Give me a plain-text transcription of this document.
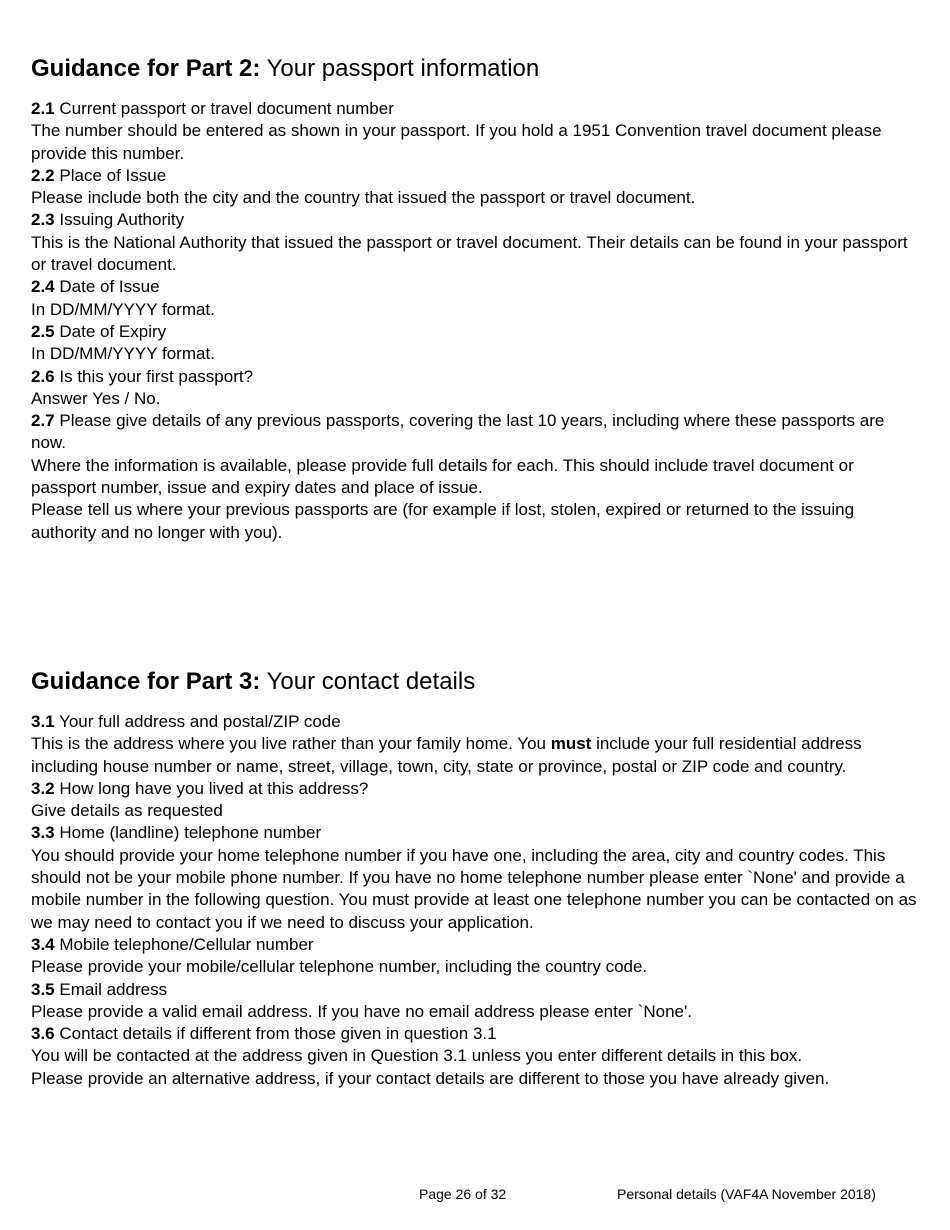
Guidance for Part 2: Your passport information
2.1 Current passport or travel document number
The number should be entered as shown in your passport. If you hold a 1951 Convention travel document please provide this number.
2.2 Place of Issue
Please include both the city and the country that issued the passport or travel document.
2.3 Issuing Authority
This is the National Authority that issued the passport or travel document. Their details can be found in your passport or travel document.
2.4 Date of Issue
In DD/MM/YYYY format.
2.5 Date of Expiry
In DD/MM/YYYY format.
2.6 Is this your first passport?
Answer Yes / No.
2.7 Please give details of any previous passports, covering the last 10 years, including where these passports are now.
Where the information is available, please provide full details for each. This should include travel document or passport number, issue and expiry dates and place of issue.
Please tell us where your previous passports are (for example if lost, stolen, expired or returned to the issuing authority and no longer with you).
Guidance for Part 3: Your contact details
3.1 Your full address and postal/ZIP code
This is the address where you live rather than your family home. You must include your full residential address including house number or name, street, village, town, city, state or province, postal or ZIP code and country.
3.2 How long have you lived at this address?
Give details as requested
3.3 Home (landline) telephone number
You should provide your home telephone number if you have one, including the area, city and country codes. This should not be your mobile phone number. If you have no home telephone number please enter `None' and provide a mobile number in the following question. You must provide at least one telephone number you can be contacted on as we may need to contact you if we need to discuss your application.
3.4 Mobile telephone/Cellular number
Please provide your mobile/cellular telephone number, including the country code.
3.5 Email address
Please provide a valid email address. If you have no email address please enter `None'.
3.6 Contact details if different from those given in question 3.1
You will be contacted at the address given in Question 3.1 unless you enter different details in this box.
Please provide an alternative address, if your contact details are different to those you have already given.
Page 26 of 32	Personal details (VAF4A November 2018)
